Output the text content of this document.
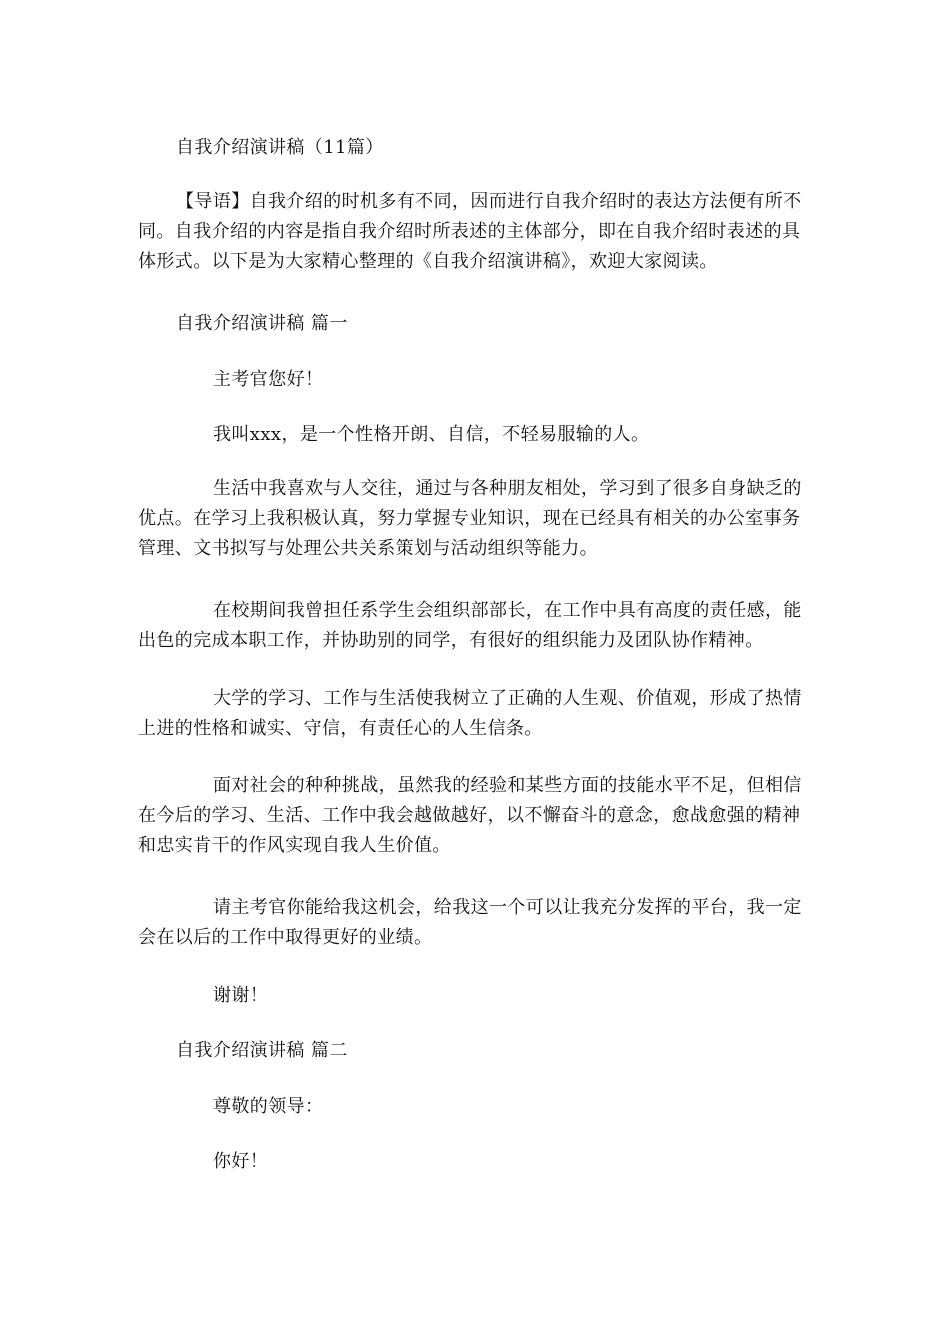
自我介绍演讲稿（11篇）

【导语】自我介绍的时机多有不同，因而进行自我介绍时的表达方法便有所不同。自我介绍的内容是指自我介绍时所表述的主体部分，即在自我介绍时表述的具体形式。以下是为大家精心整理的《自我介绍演讲稿》，欢迎大家阅读。

自我介绍演讲稿 篇一

主考官您好！

我叫xxx，是一个性格开朗、自信，不轻易服输的人。

生活中我喜欢与人交往，通过与各种朋友相处，学习到了很多自身缺乏的优点。在学习上我积极认真，努力掌握专业知识，现在已经具有相关的办公室事务管理、文书拟写与处理公共关系策划与活动组织等能力。

在校期间我曾担任系学生会组织部部长，在工作中具有高度的责任感，能出色的完成本职工作，并协助别的同学，有很好的组织能力及团队协作精神。

大学的学习、工作与生活使我树立了正确的人生观、价值观，形成了热情上进的性格和诚实、守信，有责任心的人生信条。

面对社会的种种挑战，虽然我的经验和某些方面的技能水平不足，但相信在今后的学习、生活、工作中我会越做越好，以不懈奋斗的意念，愈战愈强的精神和忠实肯干的作风实现自我人生价值。

请主考官你能给我这机会，给我这一个可以让我充分发挥的平台，我一定会在以后的工作中取得更好的业绩。

谢谢！

自我介绍演讲稿 篇二

尊敬的领导：

你好！
